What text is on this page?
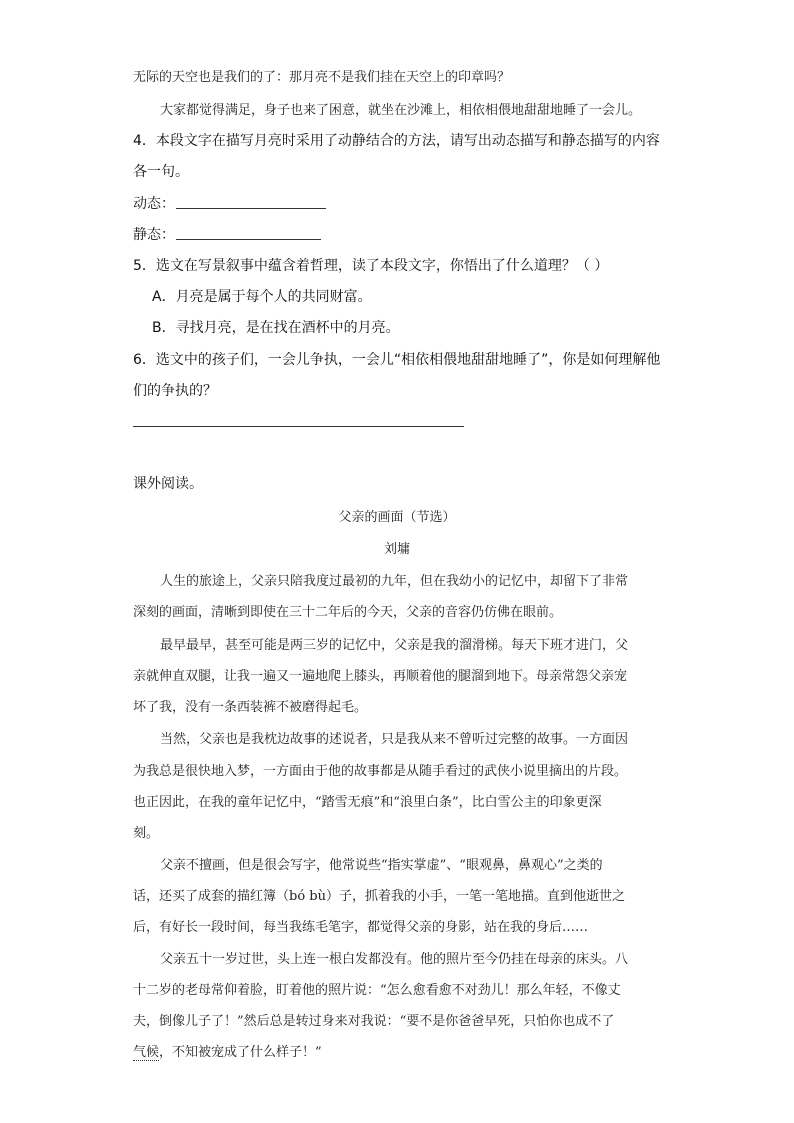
无际的天空也是我们的了：那月亮不是我们挂在天空上的印章吗？
大家都觉得满足，身子也来了困意，就坐在沙滩上，相依相偎地甜甜地睡了一会儿。
4．本段文字在描写月亮时采用了动静结合的方法，请写出动态描写和静态描写的内容
各一句。
动态：
静态：
5．选文在写景叙事中蕴含着哲理，读了本段文字，你悟出了什么道理？（ ）
A．月亮是属于每个人的共同财富。
B．寻找月亮，是在找在酒杯中的月亮。
6．选文中的孩子们，一会儿争执，一会儿“相依相偎地甜甜地睡了”，你是如何理解他
们的争执的？
课外阅读。
父亲的画面（节选）
刘墉
人生的旅途上，父亲只陪我度过最初的九年，但在我幼小的记忆中，却留下了非常
深刻的画面，清晰到即使在三十二年后的今天，父亲的音容仍仿佛在眼前。
最早最早，甚至可能是两三岁的记忆中，父亲是我的溜滑梯。每天下班才进门，父
亲就伸直双腿，让我一遍又一遍地爬上膝头，再顺着他的腿溜到地下。母亲常怨父亲宠
坏了我，没有一条西装裤不被磨得起毛。
当然，父亲也是我枕边故事的述说者，只是我从来不曾听过完整的故事。一方面因
为我总是很快地入梦，一方面由于他的故事都是从随手看过的武侠小说里摘出的片段。
也正因此，在我的童年记忆中，“踏雪无痕”和“浪里白条”，比白雪公主的印象更深
刻。
父亲不擅画，但是很会写字，他常说些“指实掌虚”、“眼观鼻，鼻观心”之类的
话，还买了成套的描红簿（bó bù）子，抓着我的小手，一笔一笔地描。直到他逝世之
后，有好长一段时间，每当我练毛笔字，都觉得父亲的身影，站在我的身后……
父亲五十一岁过世，头上连一根白发都没有。他的照片至今仍挂在母亲的床头。八
十二岁的老母常仰着脸，盯着他的照片说：“怎么愈看愈不对劲儿！那么年轻，不像丈
夫，倒像儿子了！”然后总是转过身来对我说：“要不是你爸爸早死，只怕你也成不了
气候，不知被宠成了什么样子！”
